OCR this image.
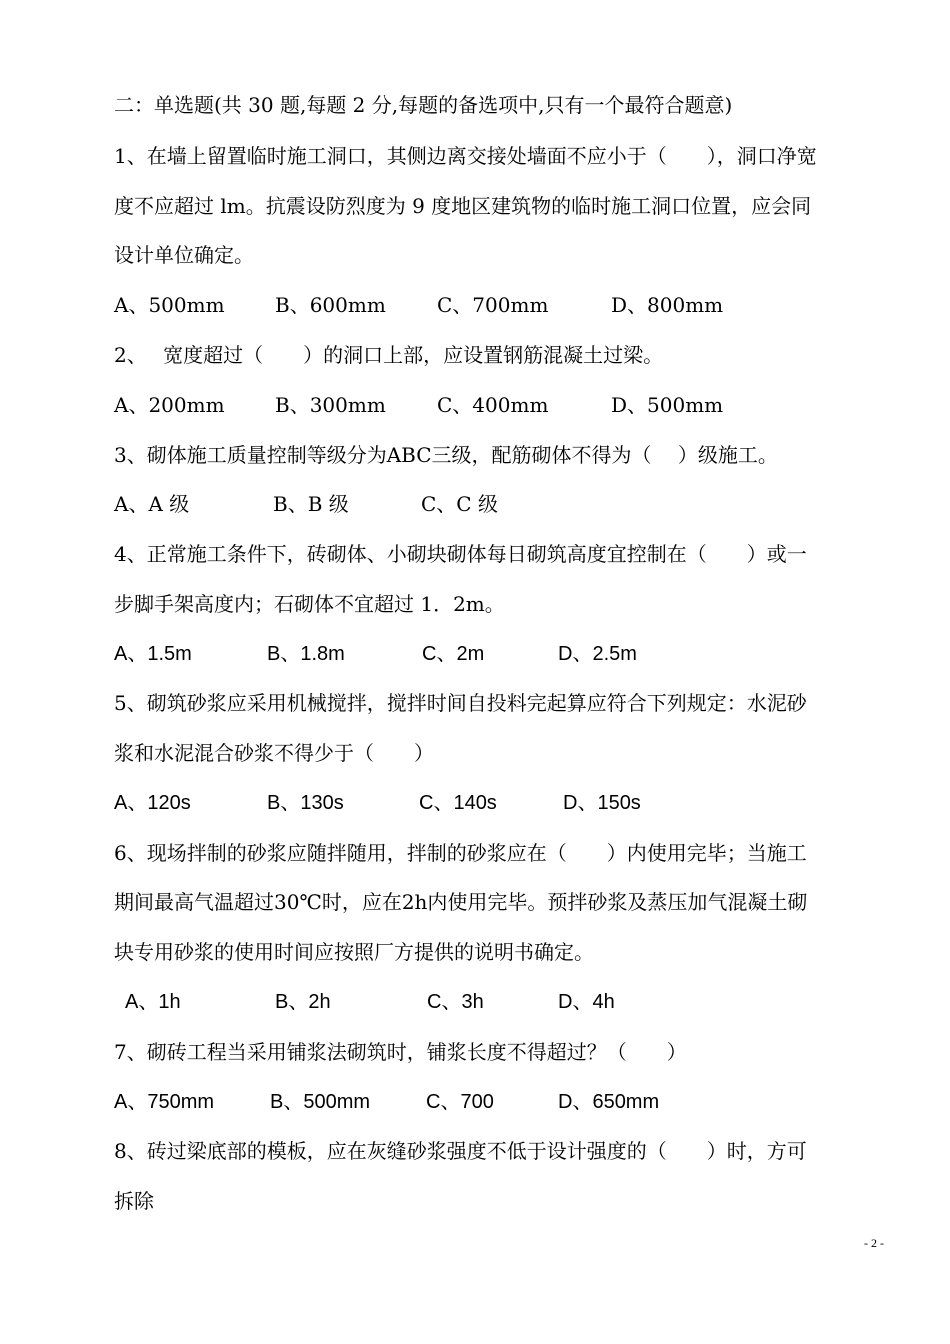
二：单选题(共 30 题,每题 2 分,每题的备选项中,只有一个最符合题意)
1、在墙上留置临时施工洞口，其侧边离交接处墙面不应小于（　　），洞口净宽
度不应超过 lm。抗震设防烈度为 9 度地区建筑物的临时施工洞口位置，应会同
设计单位确定。
A、500mm	B、600mm	C、700mm	D、800mm
2、　 宽度超过（　　）的洞口上部，应设置钢筋混凝土过梁。
A、200mm	B、300mm	C、400mm	D、500mm
3、砌体施工质量控制等级分为ABC三级，配筋砌体不得为（　 ）级施工。
A、A 级	B、B 级	C、C 级
4、正常施工条件下，砖砌体、小砌块砌体每日砌筑高度宜控制在（　　）或一
步脚手架高度内；石砌体不宜超过 1．2m。
A、1.5m	B、1.8m	C、2m	D、2.5m
5、砌筑砂浆应采用机械搅拌，搅拌时间自投料完起算应符合下列规定：水泥砂
浆和水泥混合砂浆不得少于（　　）
A、120s	B、130s	C、140s	D、150s
6、现场拌制的砂浆应随拌随用，拌制的砂浆应在（　　）内使用完毕；当施工
期间最高气温超过30℃时，应在2h内使用完毕。预拌砂浆及蒸压加气混凝土砌
块专用砂浆的使用时间应按照厂方提供的说明书确定。
A、1h	B、2h	C、3h	D、4h
7、砌砖工程当采用铺浆法砌筑时，铺浆长度不得超过？（　　）
A、750mm	B、500mm	C、700	D、650mm
8、砖过梁底部的模板，应在灰缝砂浆强度不低于设计强度的（　　）时，方可
拆除
- 2 -
